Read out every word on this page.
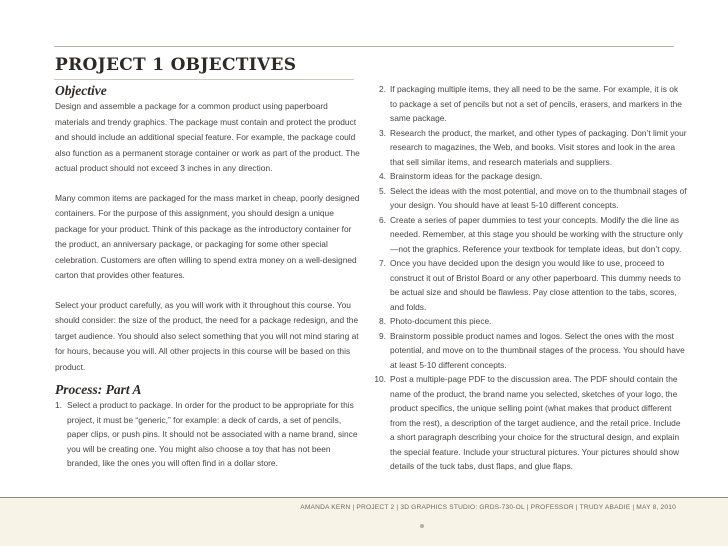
PROJECT 1 OBJECTIVES
Objective

Design and assemble a package for a common product using paperboard materials and trendy graphics. The package must contain and protect the product and should include an additional special feature. For example, the package could also function as a permanent storage container or work as part of the product. The actual product should not exceed 3 inches in any direction.

Many common items are packaged for the mass market in cheap, poorly designed containers. For the purpose of this assignment, you should design a unique package for your product. Think of this package as the introductory container for the product, an anniversary package, or packaging for some other special celebration. Customers are often willing to spend extra money on a well-designed carton that provides other features.

Select your product carefully, as you will work with it throughout this course. You should consider: the size of the product, the need for a package redesign, and the target audience. You should also select something that you will not mind staring at for hours, because you will. All other projects in this course will be based on this product.

Process: Part A
1. Select a product to package. In order for the product to be appropriate for this project, it must be “generic,” for example: a deck of cards, a set of pencils, paper clips, or push pins. It should not be associated with a name brand, since you will be creating one. You might also choose a toy that has not been branded, like the ones you will often find in a dollar store.
2. If packaging multiple items, they all need to be the same. For example, it is ok to package a set of pencils but not a set of pencils, erasers, and markers in the same package.
3. Research the product, the market, and other types of packaging. Don’t limit your research to magazines, the Web, and books. Visit stores and look in the area that sell similar items, and research materials and suppliers.
4. Brainstorm ideas for the package design.
5. Select the ideas with the most potential, and move on to the thumbnail stages of your design. You should have at least 5-10 different concepts.
6. Create a series of paper dummies to test your concepts. Modify the die line as needed. Remember, at this stage you should be working with the structure only—not the graphics. Reference your textbook for template ideas, but don’t copy.
7. Once you have decided upon the design you would like to use, proceed to construct it out of Bristol Board or any other paperboard. This dummy needs to be actual size and should be flawless. Pay close attention to the tabs, scores, and folds.
8. Photo-document this piece.
9. Brainstorm possible product names and logos. Select the ones with the most potential, and move on to the thumbnail stages of the process. You should have at least 5-10 different concepts.
10. Post a multiple-page PDF to the discussion area. The PDF should contain the name of the product, the brand name you selected, sketches of your logo, the product specifics, the unique selling point (what makes that product different from the rest), a description of the target audience, and the retail price. Include a short paragraph describing your choice for the structural design, and explain the special feature. Include your structural pictures. Your pictures should show details of the tuck tabs, dust flaps, and glue flaps.
AMANDA KERN | PROJECT 2 | 3D GRAPHICS STUDIO: GRDS-730-OL | PROFESSOR | TRUDY ABADIE | MAY 8, 2010
